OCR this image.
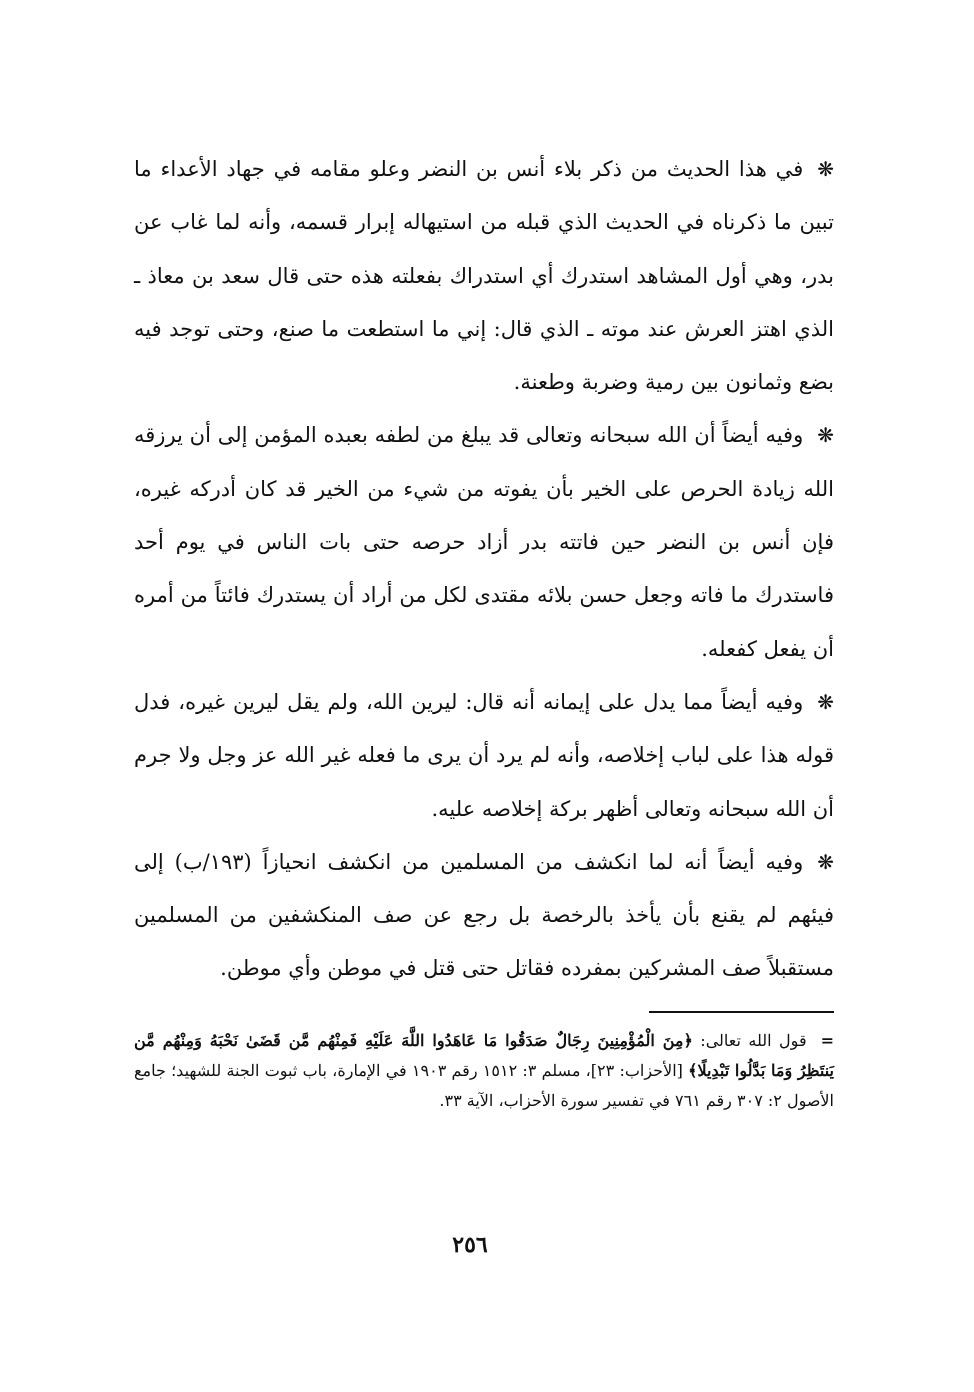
❋في هذا الحديث من ذكر بلاء أنس بن النضر وعلو مقامه في جهاد الأعداء ما تبين ما ذكرناه في الحديث الذي قبله من استيهاله إبرار قسمه، وأنه لما غاب عن بدر، وهي أول المشاهد استدرك أي استدراك بفعلته هذه حتى قال سعد بن معاذ ـ الذي اهتز العرش عند موته ـ الذي قال: إني ما استطعت ما صنع، وحتى توجد فيه بضع وثمانون بين رمية وضربة وطعنة.

❋وفيه أيضاً أن الله سبحانه وتعالى قد يبلغ من لطفه بعبده المؤمن إلى أن يرزقه الله زيادة الحرص على الخير بأن يفوته من شيء من الخير قد كان أدركه غيره، فإن أنس بن النضر حين فاتته بدر أزاد حرصه حتى بات الناس في يوم أحد فاستدرك ما فاته وجعل حسن بلائه مقتدى لكل من أراد أن يستدرك فائتاً من أمره أن يفعل كفعله.

❋وفيه أيضاً مما يدل على إيمانه أنه قال: ليرين الله، ولم يقل ليرين غيره، فدل قوله هذا على لباب إخلاصه، وأنه لم يرد أن يرى ما فعله غير الله عز وجل ولا جرم أن الله سبحانه وتعالى أظهر بركة إخلاصه عليه.

❋وفيه أيضاً أنه لما انكشف من المسلمين من انكشف انحيازاً (١٩٣/ب) إلى فيئهم لم يقنع بأن يأخذ بالرخصة بل رجع عن صف المنكشفين من المسلمين مستقبلاً صف المشركين بمفرده فقاتل حتى قتل في موطن وأي موطن.

=قول الله تعالى: ﴿مِنَ الْمُؤْمِنِينَ رِجَالٌ صَدَقُوا مَا عَاهَدُوا اللَّهَ عَلَيْهِ فَمِنْهُم مَّن قَضَىٰ نَحْبَهُ وَمِنْهُم مَّن يَنتَظِرُ وَمَا بَدَّلُوا تَبْدِيلًا﴾ [الأحزاب: ٢٣]، مسلم ٣: ١٥١٢ رقم ١٩٠٣ في الإمارة، باب ثبوت الجنة للشهيد؛ جامع الأصول ٢: ٣٠٧ رقم ٧٦١ في تفسير سورة الأحزاب، الآية ٣٣.
٢٥٦
